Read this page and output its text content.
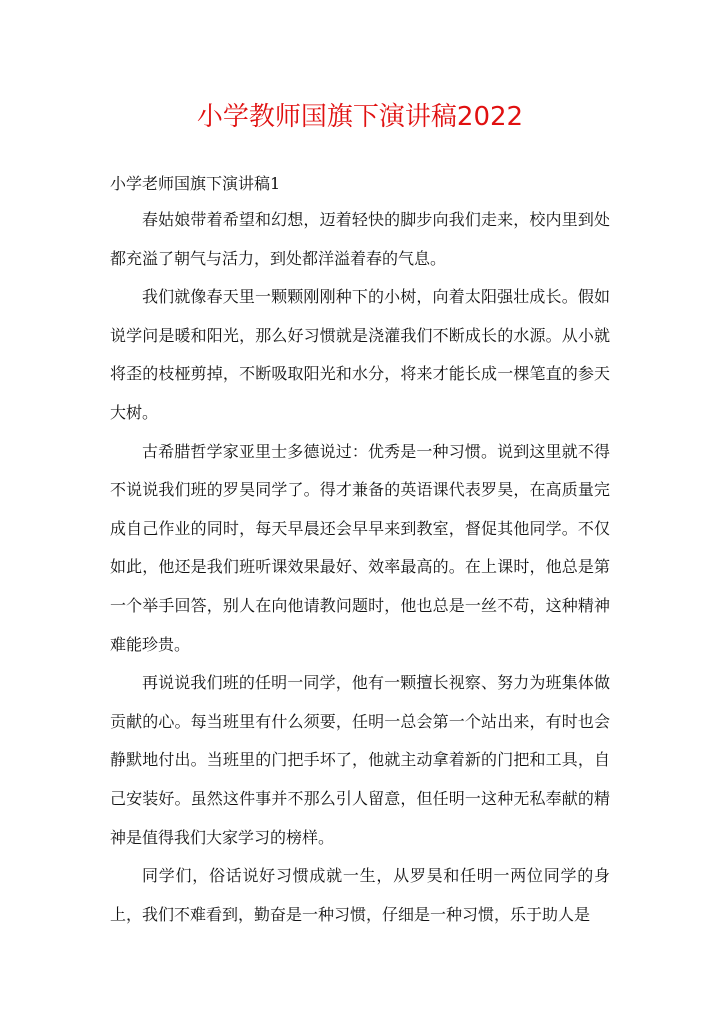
小学教师国旗下演讲稿2022

小学老师国旗下演讲稿1

春姑娘带着希望和幻想，迈着轻快的脚步向我们走来，校内里到处都充溢了朝气与活力，到处都洋溢着春的气息。

我们就像春天里一颗颗刚刚种下的小树，向着太阳强壮成长。假如说学问是暖和阳光，那么好习惯就是浇灌我们不断成长的水源。从小就将歪的枝桠剪掉，不断吸取阳光和水分，将来才能长成一棵笔直的参天大树。

古希腊哲学家亚里士多德说过：优秀是一种习惯。说到这里就不得不说说我们班的罗昊同学了。得才兼备的英语课代表罗昊，在高质量完成自己作业的同时，每天早晨还会早早来到教室，督促其他同学。不仅如此，他还是我们班听课效果最好、效率最高的。在上课时，他总是第一个举手回答，别人在向他请教问题时，他也总是一丝不苟，这种精神难能珍贵。

再说说我们班的任明一同学，他有一颗擅长视察、努力为班集体做贡献的心。每当班里有什么须要，任明一总会第一个站出来，有时也会静默地付出。当班里的门把手坏了，他就主动拿着新的门把和工具，自己安装好。虽然这件事并不那么引人留意，但任明一这种无私奉献的精神是值得我们大家学习的榜样。

同学们，俗话说好习惯成就一生，从罗昊和任明一两位同学的身上，我们不难看到，勤奋是一种习惯，仔细是一种习惯，乐于助人是
